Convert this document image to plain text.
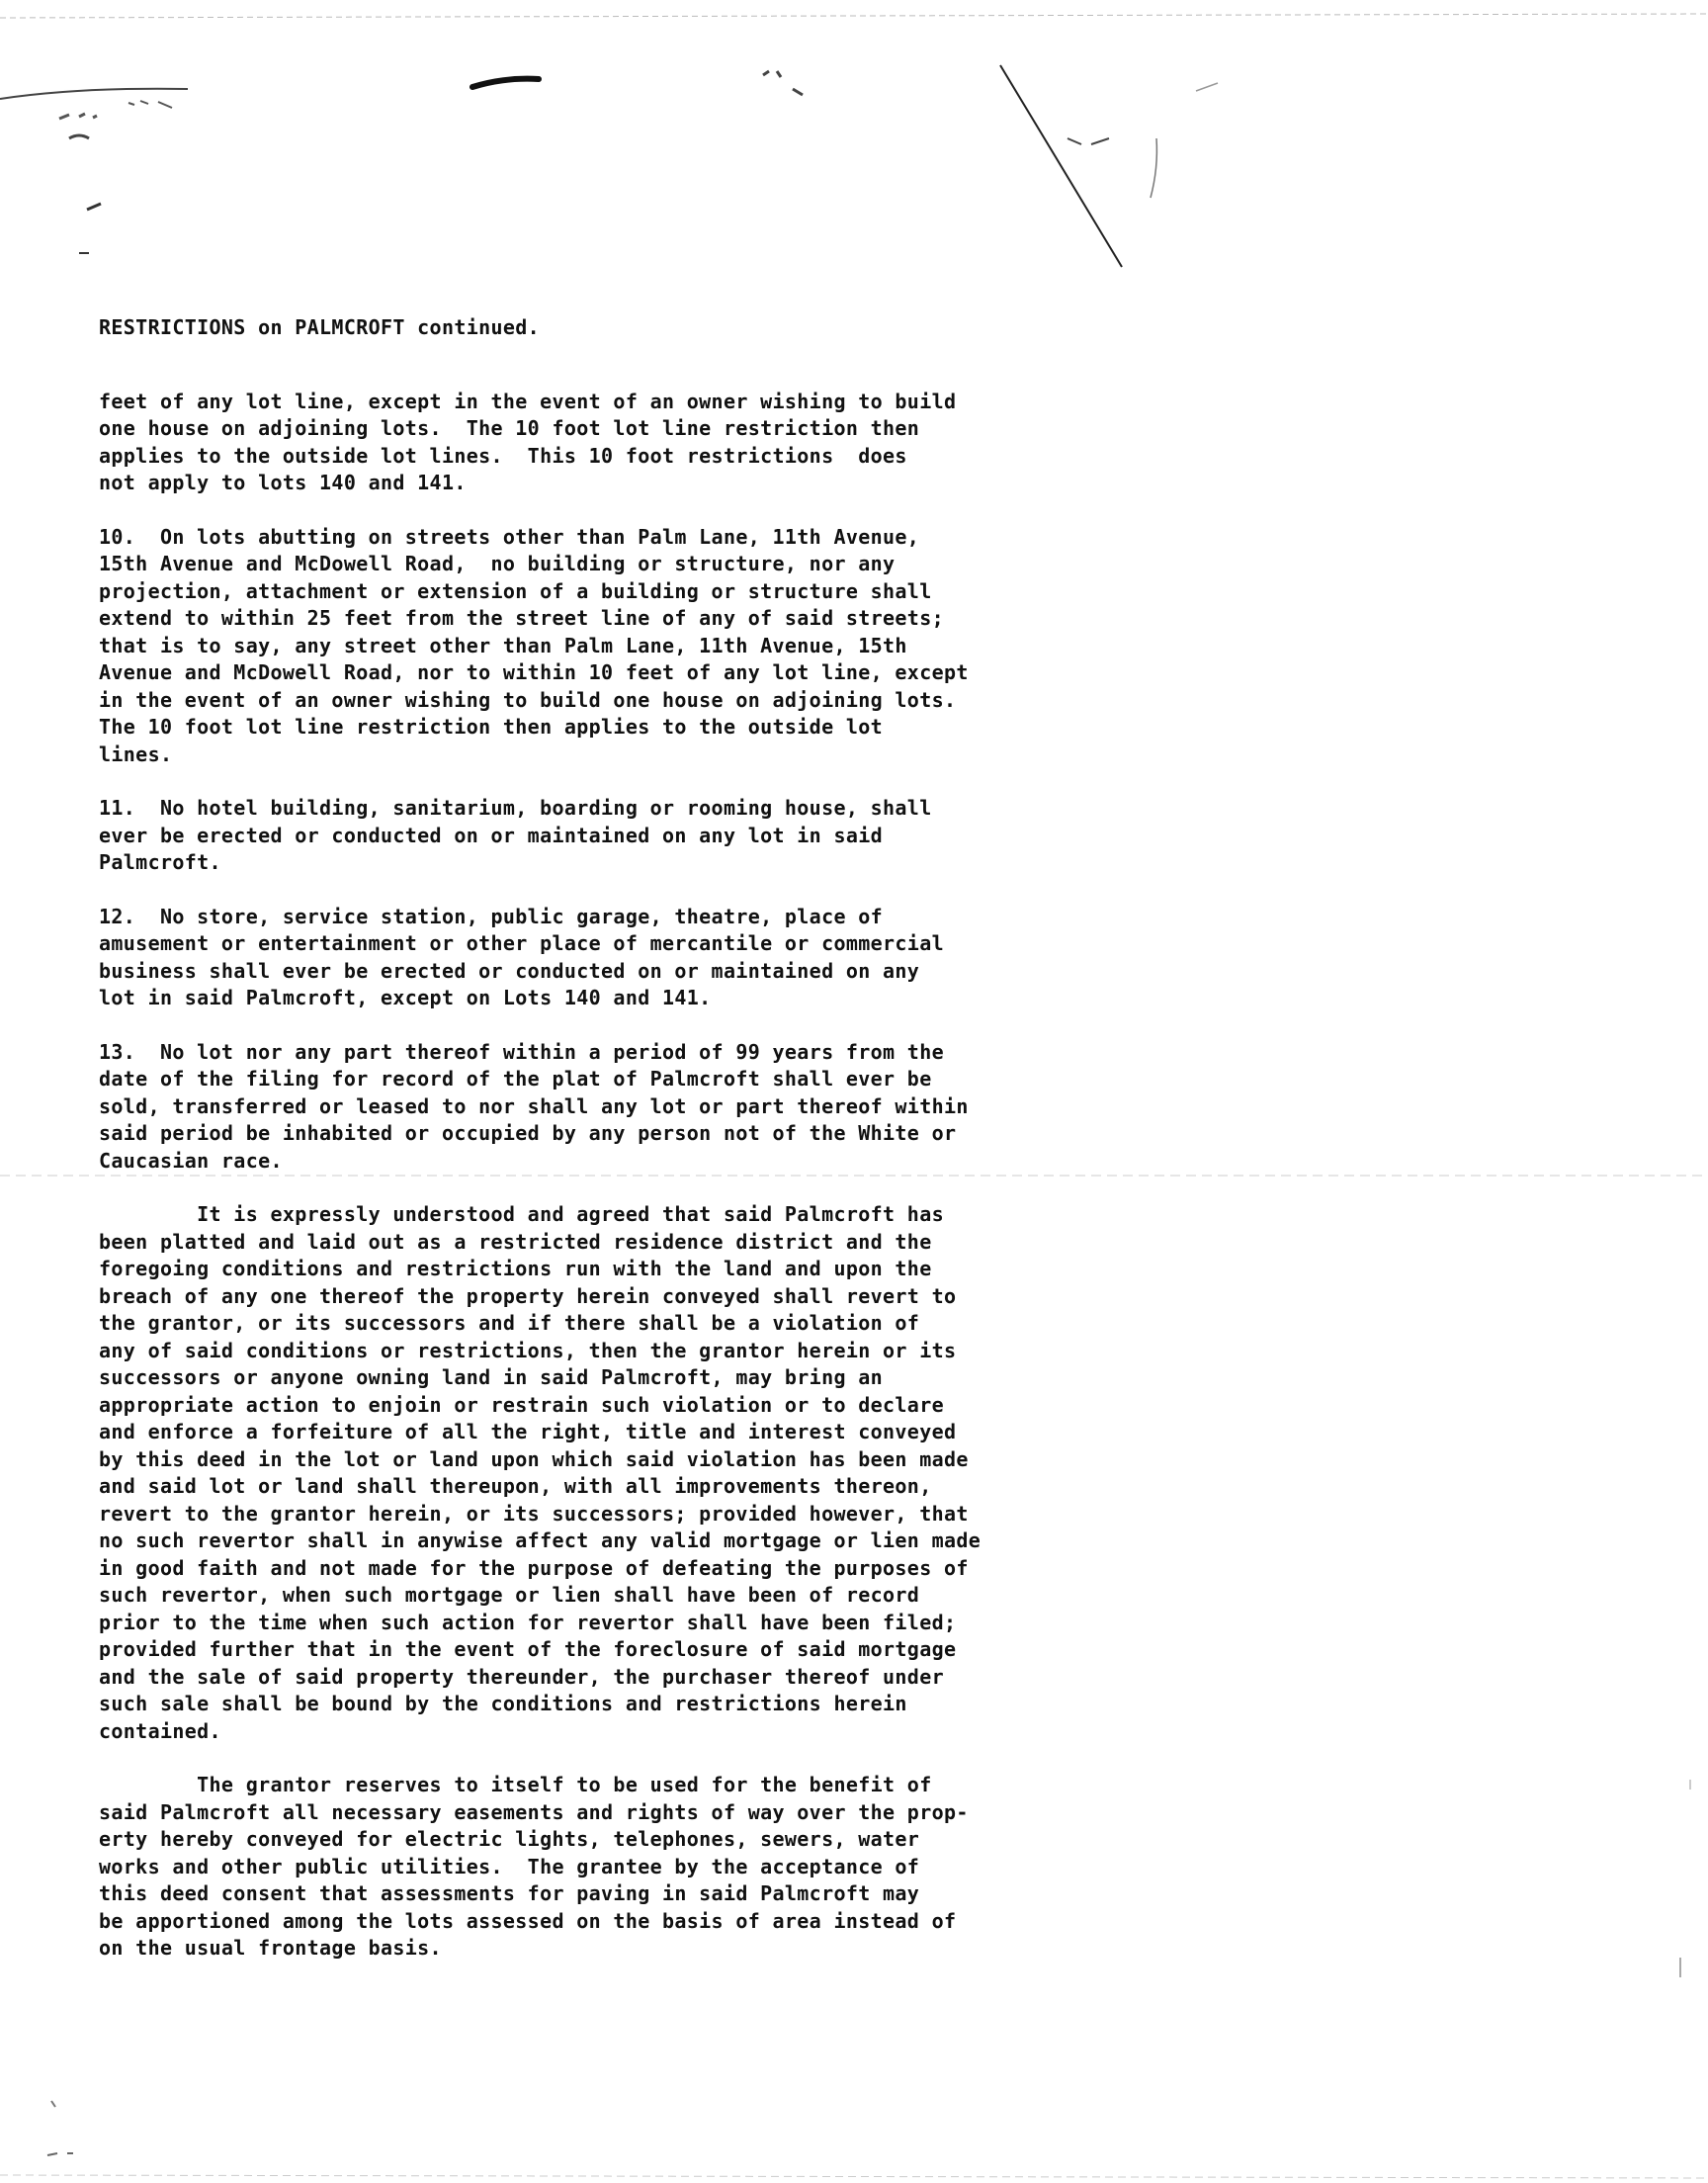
RESTRICTIONS on PALMCROFT continued.
feet of any lot line, except in the event of an owner wishing to build
one house on adjoining lots.  The 10 foot lot line restriction then
applies to the outside lot lines.  This 10 foot restrictions  does
not apply to lots 140 and 141.
10.  On lots abutting on streets other than Palm Lane, 11th Avenue,
15th Avenue and McDowell Road,  no building or structure, nor any
projection, attachment or extension of a building or structure shall
extend to within 25 feet from the street line of any of said streets;
that is to say, any street other than Palm Lane, 11th Avenue, 15th
Avenue and McDowell Road, nor to within 10 feet of any lot line, except
in the event of an owner wishing to build one house on adjoining lots.
The 10 foot lot line restriction then applies to the outside lot
lines.
11.  No hotel building, sanitarium, boarding or rooming house, shall
ever be erected or conducted on or maintained on any lot in said
Palmcroft.
12.  No store, service station, public garage, theatre, place of
amusement or entertainment or other place of mercantile or commercial
business shall ever be erected or conducted on or maintained on any
lot in said Palmcroft, except on Lots 140 and 141.
13.  No lot nor any part thereof within a period of 99 years from the
date of the filing for record of the plat of Palmcroft shall ever be
sold, transferred or leased to nor shall any lot or part thereof within
said period be inhabited or occupied by any person not of the White or
Caucasian race.
It is expressly understood and agreed that said Palmcroft has
been platted and laid out as a restricted residence district and the
foregoing conditions and restrictions run with the land and upon the
breach of any one thereof the property herein conveyed shall revert to
the grantor, or its successors and if there shall be a violation of
any of said conditions or restrictions, then the grantor herein or its
successors or anyone owning land in said Palmcroft, may bring an
appropriate action to enjoin or restrain such violation or to declare
and enforce a forfeiture of all the right, title and interest conveyed
by this deed in the lot or land upon which said violation has been made
and said lot or land shall thereupon, with all improvements thereon,
revert to the grantor herein, or its successors; provided however, that
no such revertor shall in anywise affect any valid mortgage or lien made
in good faith and not made for the purpose of defeating the purposes of
such revertor, when such mortgage or lien shall have been of record
prior to the time when such action for revertor shall have been filed;
provided further that in the event of the foreclosure of said mortgage
and the sale of said property thereunder, the purchaser thereof under
such sale shall be bound by the conditions and restrictions herein
contained.
The grantor reserves to itself to be used for the benefit of
said Palmcroft all necessary easements and rights of way over the prop-
erty hereby conveyed for electric lights, telephones, sewers, water
works and other public utilities.  The grantee by the acceptance of
this deed consent that assessments for paving in said Palmcroft may
be apportioned among the lots assessed on the basis of area instead of
on the usual frontage basis.
